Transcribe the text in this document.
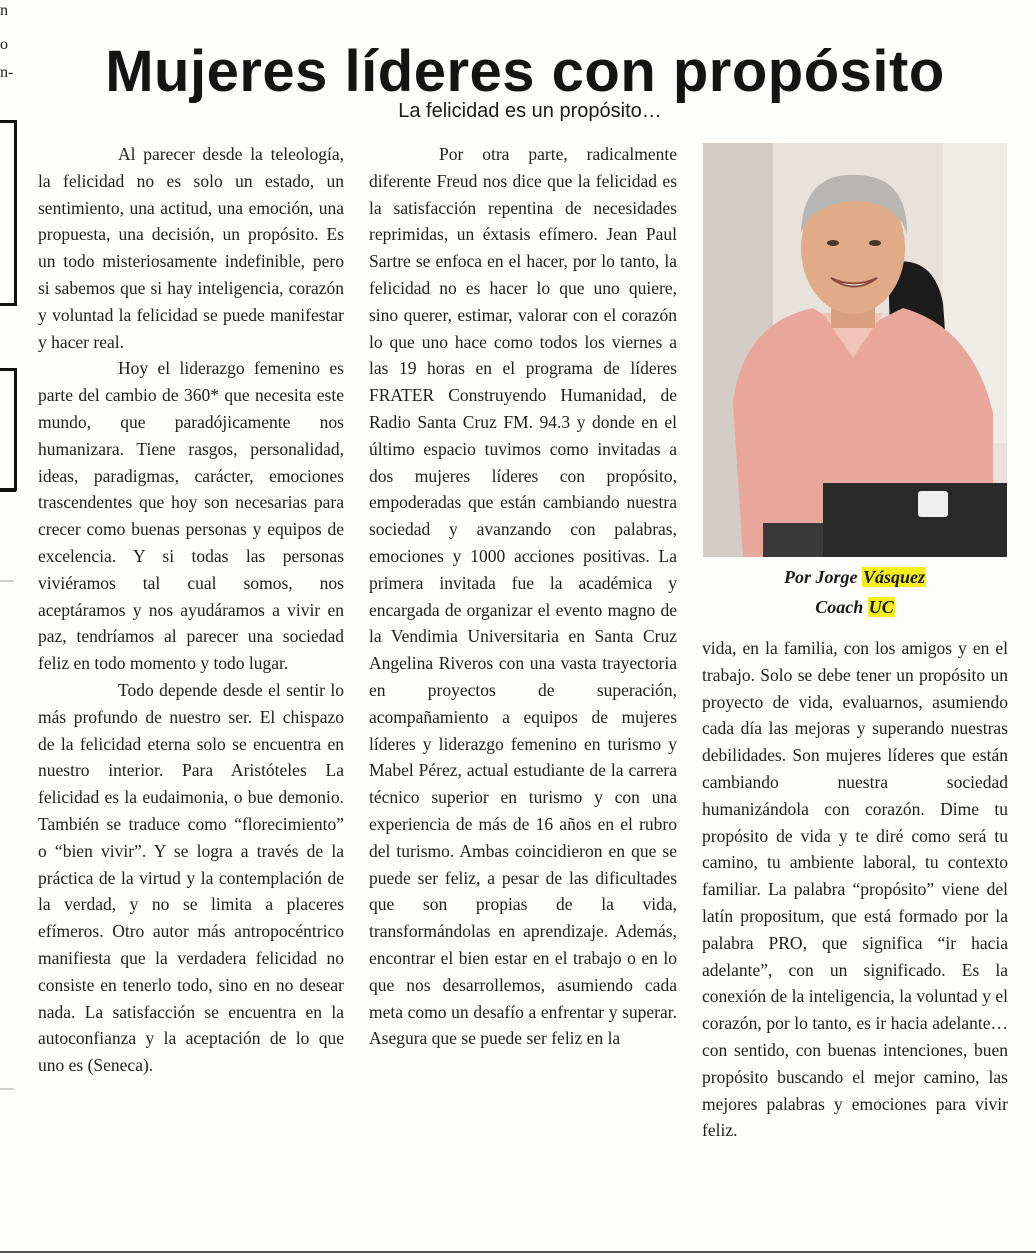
n
o
n- Mujeres líderes con propósito
La felicidad es un propósito…

Al parecer desde la teleología, la felicidad no es solo un estado, un sentimiento, una actitud, una emoción, una propuesta, una decisión, un propósito. Es un todo misteriosamente indefinible, pero si sabemos que si hay inteligencia, corazón y voluntad la felicidad se puede manifestar y hacer real.

Hoy el liderazgo femenino es parte del cambio de 360* que necesita este mundo, que paradójicamente nos humanizara. Tiene rasgos, personalidad, ideas, paradigmas, carácter, emociones trascendentes que hoy son necesarias para crecer como buenas personas y equipos de excelencia. Y si todas las personas viviéramos tal cual somos, nos aceptáramos y nos ayudáramos a vivir en paz, tendríamos al parecer una sociedad feliz en todo momento y todo lugar.

Todo depende desde el sentir lo más profundo de nuestro ser. El chispazo de la felicidad eterna solo se encuentra en nuestro interior. Para Aristóteles La felicidad es la eudaimonia, o bue demonio. También se traduce como “florecimiento” o “bien vivir”. Y se logra a través de la práctica de la virtud y la contemplación de la verdad, y no se limita a placeres efímeros. Otro autor más antropocéntrico manifiesta que la verdadera felicidad no consiste en tenerlo todo, sino en no desear nada. La satisfacción se encuentra en la autoconfianza y la aceptación de lo que uno es (Seneca).

Por otra parte, radicalmente diferente Freud nos dice que la felicidad es la satisfacción repentina de necesidades reprimidas, un éxtasis efímero. Jean Paul Sartre se enfoca en el hacer, por lo tanto, la felicidad no es hacer lo que uno quiere, sino querer, estimar, valorar con el corazón lo que uno hace como todos los viernes a las 19 horas en el programa de líderes FRATER Construyendo Humanidad, de Radio Santa Cruz FM. 94.3 y donde en el último espacio tuvimos como invitadas a dos mujeres líderes con propósito, empoderadas que están cambiando nuestra sociedad y avanzando con palabras, emociones y 1000 acciones positivas. La primera invitada fue la académica y encargada de organizar el evento magno de la Vendimia Universitaria en Santa Cruz Angelina Riveros con una vasta trayectoria en proyectos de superación, acompañamiento a equipos de mujeres líderes y liderazgo femenino en turismo y Mabel Pérez, actual estudiante de la carrera técnico superior en turismo y con una experiencia de más de 16 años en el rubro del turismo. Ambas coincidieron en que se puede ser feliz, a pesar de las dificultades que son propias de la vida, transformándolas en aprendizaje. Además, encontrar el bien estar en el trabajo o en lo que nos desarrollemos, asumiendo cada meta como un desafío a enfrentar y superar. Asegura que se puede ser feliz en la

Por Jorge Vásquez
Coach UC

vida, en la familia, con los amigos y en el trabajo. Solo se debe tener un propósito un proyecto de vida, evaluarnos, asumiendo cada día las mejoras y superando nuestras debilidades. Son mujeres líderes que están cambiando nuestra sociedad humanizándola con corazón. Dime tu propósito de vida y te diré como será tu camino, tu ambiente laboral, tu contexto familiar. La palabra “propósito” viene del latín propositum, que está formado por la palabra PRO, que significa “ir hacia adelante”, con un significado. Es la conexión de la inteligencia, la voluntad y el corazón, por lo tanto, es ir hacia adelante…con sentido, con buenas intenciones, buen propósito buscando el mejor camino, las mejores palabras y emociones para vivir feliz.
